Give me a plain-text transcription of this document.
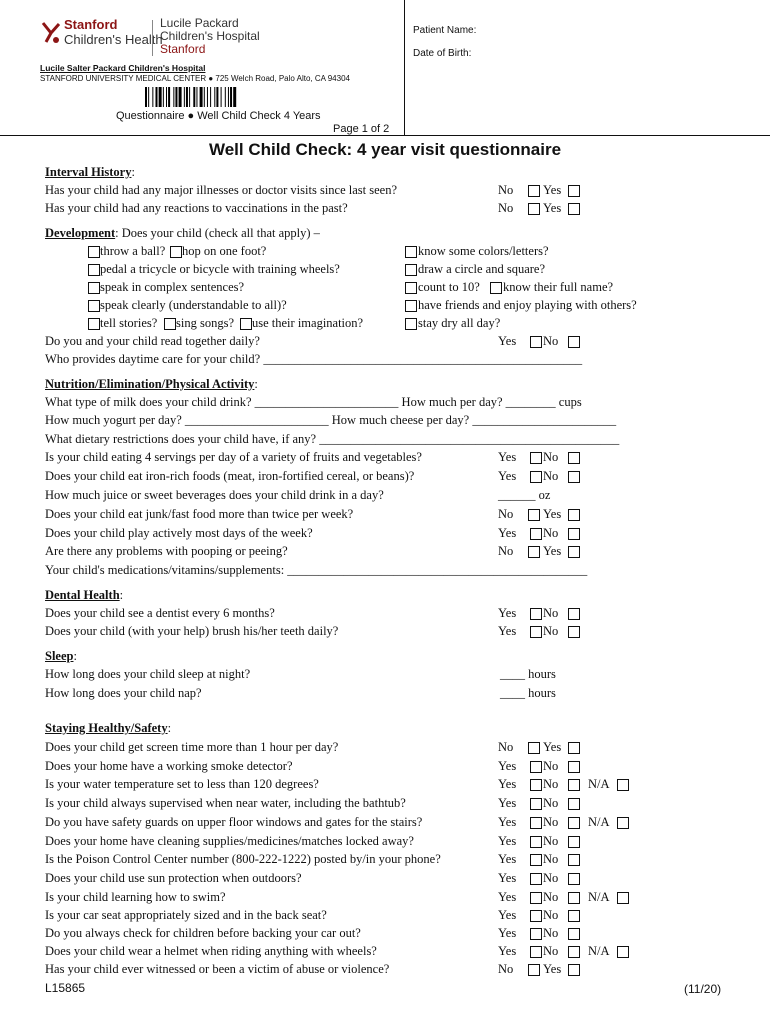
Stanford
Children's Health
Lucile Packard
Children's Hospital
Stanford
Lucile Salter Packard Children's Hospital
STANFORD UNIVERSITY MEDICAL CENTER ● 725 Welch Road, Palo Alto, CA 94304
Questionnaire ● Well Child Check 4 Years
Page 1 of 2
Patient Name:
Date of Birth:
Well Child Check: 4 year visit questionnaire
Interval History:
Has your child had any major illnesses or doctor visits since last seen?	No Yes
Has your child had any reactions to vaccinations in the past?	No Yes
Development: Does your child (check all that apply) –
throw a ball? hop on one foot?
pedal a tricycle or bicycle with training wheels?
speak in complex sentences?
speak clearly (understandable to all)?
tell stories? sing songs? use their imagination?
know some colors/letters?
draw a circle and square?
count to 10? know their full name?
have friends and enjoy playing with others?
stay dry all day?
Do you and your child read together daily?	Yes No
Who provides daytime care for your child? ___________________________________________________
Nutrition/Elimination/Physical Activity:
What type of milk does your child drink? _______________________ How much per day? ________ cups
How much yogurt per day? _______________________ How much cheese per day? _______________________
What dietary restrictions does your child have, if any? ________________________________________________
Is your child eating 4 servings per day of a variety of fruits and vegetables?	Yes No
Does your child eat iron-rich foods (meat, iron-fortified cereal, or beans)?	Yes No
How much juice or sweet beverages does your child drink in a day?	______ oz
Does your child eat junk/fast food more than twice per week?	No Yes
Does your child play actively most days of the week?	Yes No
Are there any problems with pooping or peeing?	No Yes
Your child's medications/vitamins/supplements: ________________________________________________
Dental Health:
Does your child see a dentist every 6 months?	Yes No
Does your child (with your help) brush his/her teeth daily?	Yes No
Sleep:
How long does your child sleep at night?	____ hours
How long does your child nap?	____ hours
Staying Healthy/Safety:
Does your child get screen time more than 1 hour per day?	No Yes
Does your home have a working smoke detector?	Yes No
Is your water temperature set to less than 120 degrees?	Yes No N/A
Is your child always supervised when near water, including the bathtub?	Yes No
Do you have safety guards on upper floor windows and gates for the stairs?	Yes No N/A
Does your home have cleaning supplies/medicines/matches locked away?	Yes No
Is the Poison Control Center number (800-222-1222) posted by/in your phone?	Yes No
Does your child use sun protection when outdoors?	Yes No
Is your child learning how to swim?	Yes No N/A
Is your car seat appropriately sized and in the back seat?	Yes No
Do you always check for children before backing your car out?	Yes No
Does your child wear a helmet when riding anything with wheels?	Yes No N/A
Has your child ever witnessed or been a victim of abuse or violence?	No Yes
L15865	(11/20)
